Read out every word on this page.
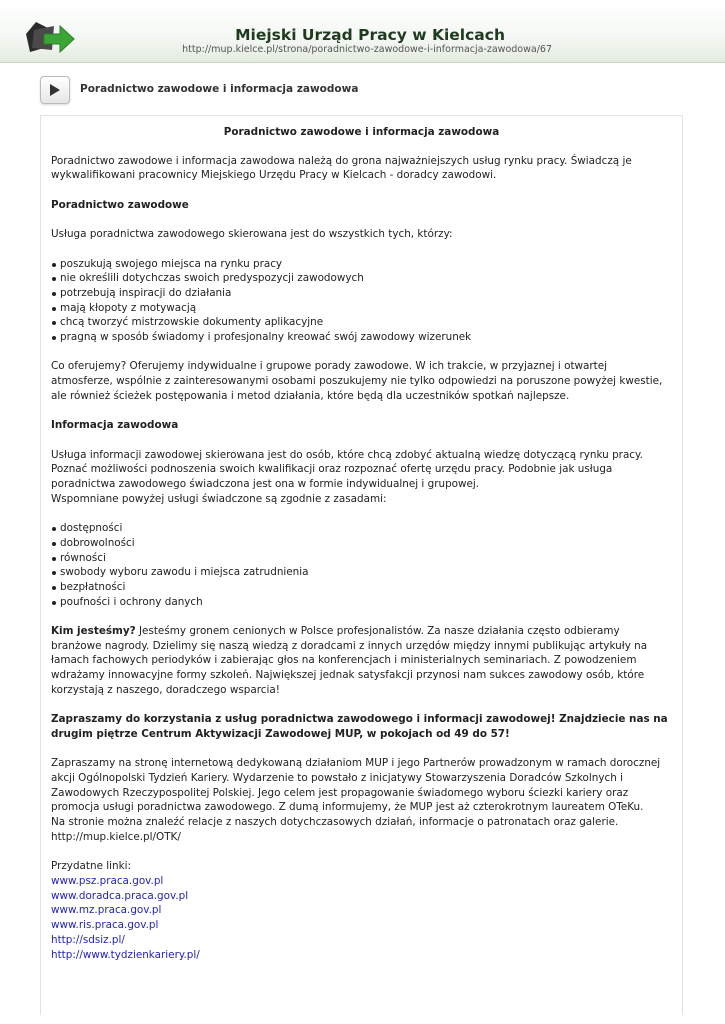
Miejski Urząd Pracy w Kielcach
http://mup.kielce.pl/strona/poradnictwo-zawodowe-i-informacja-zawodowa/67
Poradnictwo zawodowe i informacja zawodowa
Poradnictwo zawodowe i informacja zawodowa

Poradnictwo zawodowe i informacja zawodowa należą do grona najważniejszych usług rynku pracy. Świadczą je wykwalifikowani pracownicy Miejskiego Urzędu Pracy w Kielcach - doradcy zawodowi.

Poradnictwo zawodowe

Usługa poradnictwa zawodowego skierowana jest do wszystkich tych, którzy:

poszukują swojego miejsca na rynku pracy
nie określili dotychczas swoich predyspozycji zawodowych
potrzebują inspiracji do działania
mają kłopoty z motywacją
chcą tworzyć mistrzowskie dokumenty aplikacyjne
pragną w sposób świadomy i profesjonalny kreować swój zawodowy wizerunek

Co oferujemy? Oferujemy indywidualne i grupowe porady zawodowe. W ich trakcie, w przyjaznej i otwartej atmosferze, wspólnie z zainteresowanymi osobami poszukujemy nie tylko odpowiedzi na poruszone powyżej kwestie, ale również ścieżek postępowania i metod działania, które będą dla uczestników spotkań najlepsze.

Informacja zawodowa

Usługa informacji zawodowej skierowana jest do osób, które chcą zdobyć aktualną wiedzę dotyczącą rynku pracy. Poznać możliwości podnoszenia swoich kwalifikacji oraz rozpoznać ofertę urzędu pracy. Podobnie jak usługa poradnictwa zawodowego świadczona jest ona w formie indywidualnej i grupowej.

Wspomniane powyżej usługi świadczone są zgodnie z zasadami:

dostępności
dobrowolności
równości
swobody wyboru zawodu i miejsca zatrudnienia
bezpłatności
poufności i ochrony danych

Kim jesteśmy? Jesteśmy gronem cenionych w Polsce profesjonalistów. Za nasze działania często odbieramy branżowe nagrody. Dzielimy się naszą wiedzą z doradcami z innych urzędów między innymi publikując artykuły na łamach fachowych periodyków i zabierając głos na konferencjach i ministerialnych seminariach. Z powodzeniem wdrażamy innowacyjne formy szkoleń. Największej jednak satysfakcji przynosi nam sukces zawodowy osób, które korzystają z naszego, doradczego wsparcia!

Zapraszamy do korzystania z usług poradnictwa zawodowego i informacji zawodowej! Znajdziecie nas na drugim piętrze Centrum Aktywizacji Zawodowej MUP, w pokojach od 49 do 57!

Zapraszamy na stronę internetową dedykowaną działaniom MUP i jego Partnerów prowadzonym w ramach dorocznej akcji Ogólnopolski Tydzień Kariery. Wydarzenie to powstało z inicjatywy Stowarzyszenia Doradców Szkolnych i Zawodowych Rzeczypospolitej Polskiej. Jego celem jest propagowanie świadomego wyboru ściezki kariery oraz promocja usługi poradnictwa zawodowego. Z dumą informujemy, że MUP jest aż czterokrotnym laureatem OTeKu.
Na stronie można znaleźć relacje z naszych dotychczasowych działań, informacje o patronatach oraz galerie.
http://mup.kielce.pl/OTK/
Przydatne linki:
www.psz.praca.gov.pl
www.doradca.praca.gov.pl
www.mz.praca.gov.pl
www.ris.praca.gov.pl
http://sdsiz.pl/
http://www.tydzienkariery.pl/
